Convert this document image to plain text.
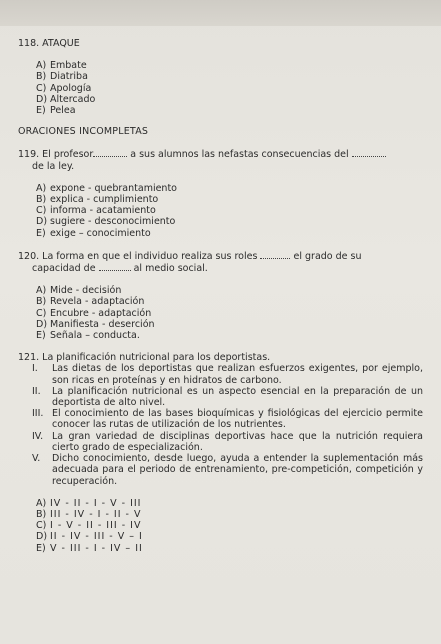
118. ATAQUE
A) Embate
B) Diatriba
C) Apología
D) Altercado
E) Pelea
ORACIONES INCOMPLETAS
119. El profesor	a sus alumnos las nefastas consecuencias del
de la ley.
A) expone - quebrantamiento
B) explica - cumplimiento
C) informa - acatamiento
D) sugiere - desconocimiento
E) exige – conocimiento
120. La forma en que el individuo realiza sus roles	el grado de su
capacidad de	al medio social.
A) Mide - decisión
B) Revela - adaptación
C) Encubre - adaptación
D) Manifiesta - deserción
E) Señala – conducta.
121. La planificación nutricional para los deportistas.
I.	Las dietas de los deportistas que realizan esfuerzos exigentes, por ejemplo, son ricas en proteínas y en hidratos de carbono.
II.	La planificación nutricional es un aspecto esencial en la preparación de un deportista de alto nivel.
III. El conocimiento de las bases bioquímicas y fisiológicas del ejercicio permite conocer las rutas de utilización de los nutrientes.
IV. La gran variedad de disciplinas deportivas hace que la nutrición requiera cierto grado de especialización.
V.	Dicho conocimiento, desde luego, ayuda a entender la suplementación más adecuada para el periodo de entrenamiento, pre-competición, competición y recuperación.
A) IV - II - I - V - III
B) III - IV - I - II - V
C) I - V - II - III - IV
D) II - IV - III - V – I
E) V - III - I - IV – II
